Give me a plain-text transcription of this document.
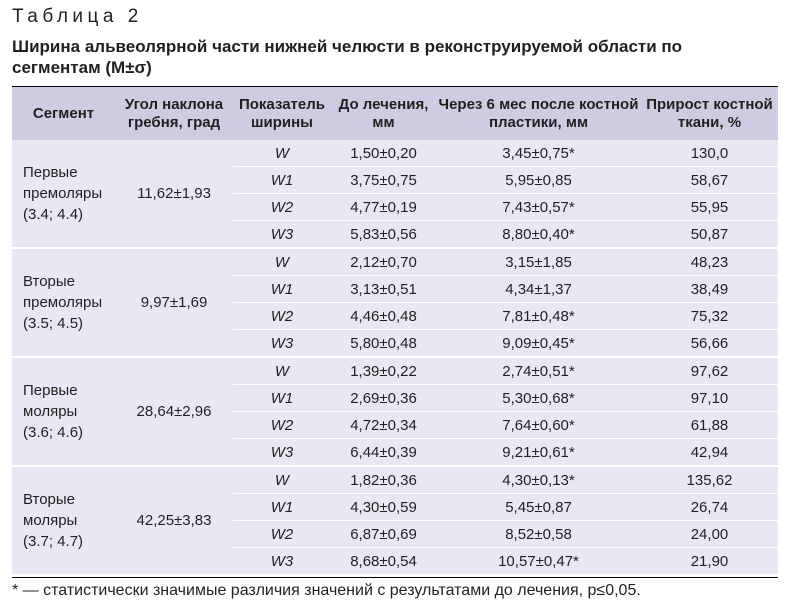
Таблица 2
Ширина альвеолярной части нижней челюсти в реконструируемой области по сегментам (M±σ)
Сегмент	Угол наклона гребня, град	Показатель ширины	До лечения, мм	Через 6 мес после костной пластики, мм	Прирост костной ткани, %

Первые
премоляры
(3.4; 4.4)	11,62±1,93	W	1,50±0,20	3,45±0,75*	130,0
		W1	3,75±0,75	5,95±0,85	58,67
		W2	4,77±0,19	7,43±0,57*	55,95
		W3	5,83±0,56	8,80±0,40*	50,87

Вторые
премоляры
(3.5; 4.5)	9,97±1,69	W	2,12±0,70	3,15±1,85	48,23
		W1	3,13±0,51	4,34±1,37	38,49
		W2	4,46±0,48	7,81±0,48*	75,32
		W3	5,80±0,48	9,09±0,45*	56,66

Первые
моляры
(3.6; 4.6)	28,64±2,96	W	1,39±0,22	2,74±0,51*	97,62
		W1	2,69±0,36	5,30±0,68*	97,10
		W2	4,72±0,34	7,64±0,60*	61,88
		W3	6,44±0,39	9,21±0,61*	42,94

Вторые
моляры
(3.7; 4.7)	42,25±3,83	W	1,82±0,36	4,30±0,13*	135,62
		W1	4,30±0,59	5,45±0,87	26,74
		W2	6,87±0,69	8,52±0,58	24,00
		W3	8,68±0,54	10,57±0,47*	21,90
* — статистически значимые различия значений с результатами до лечения, p≤0,05.
